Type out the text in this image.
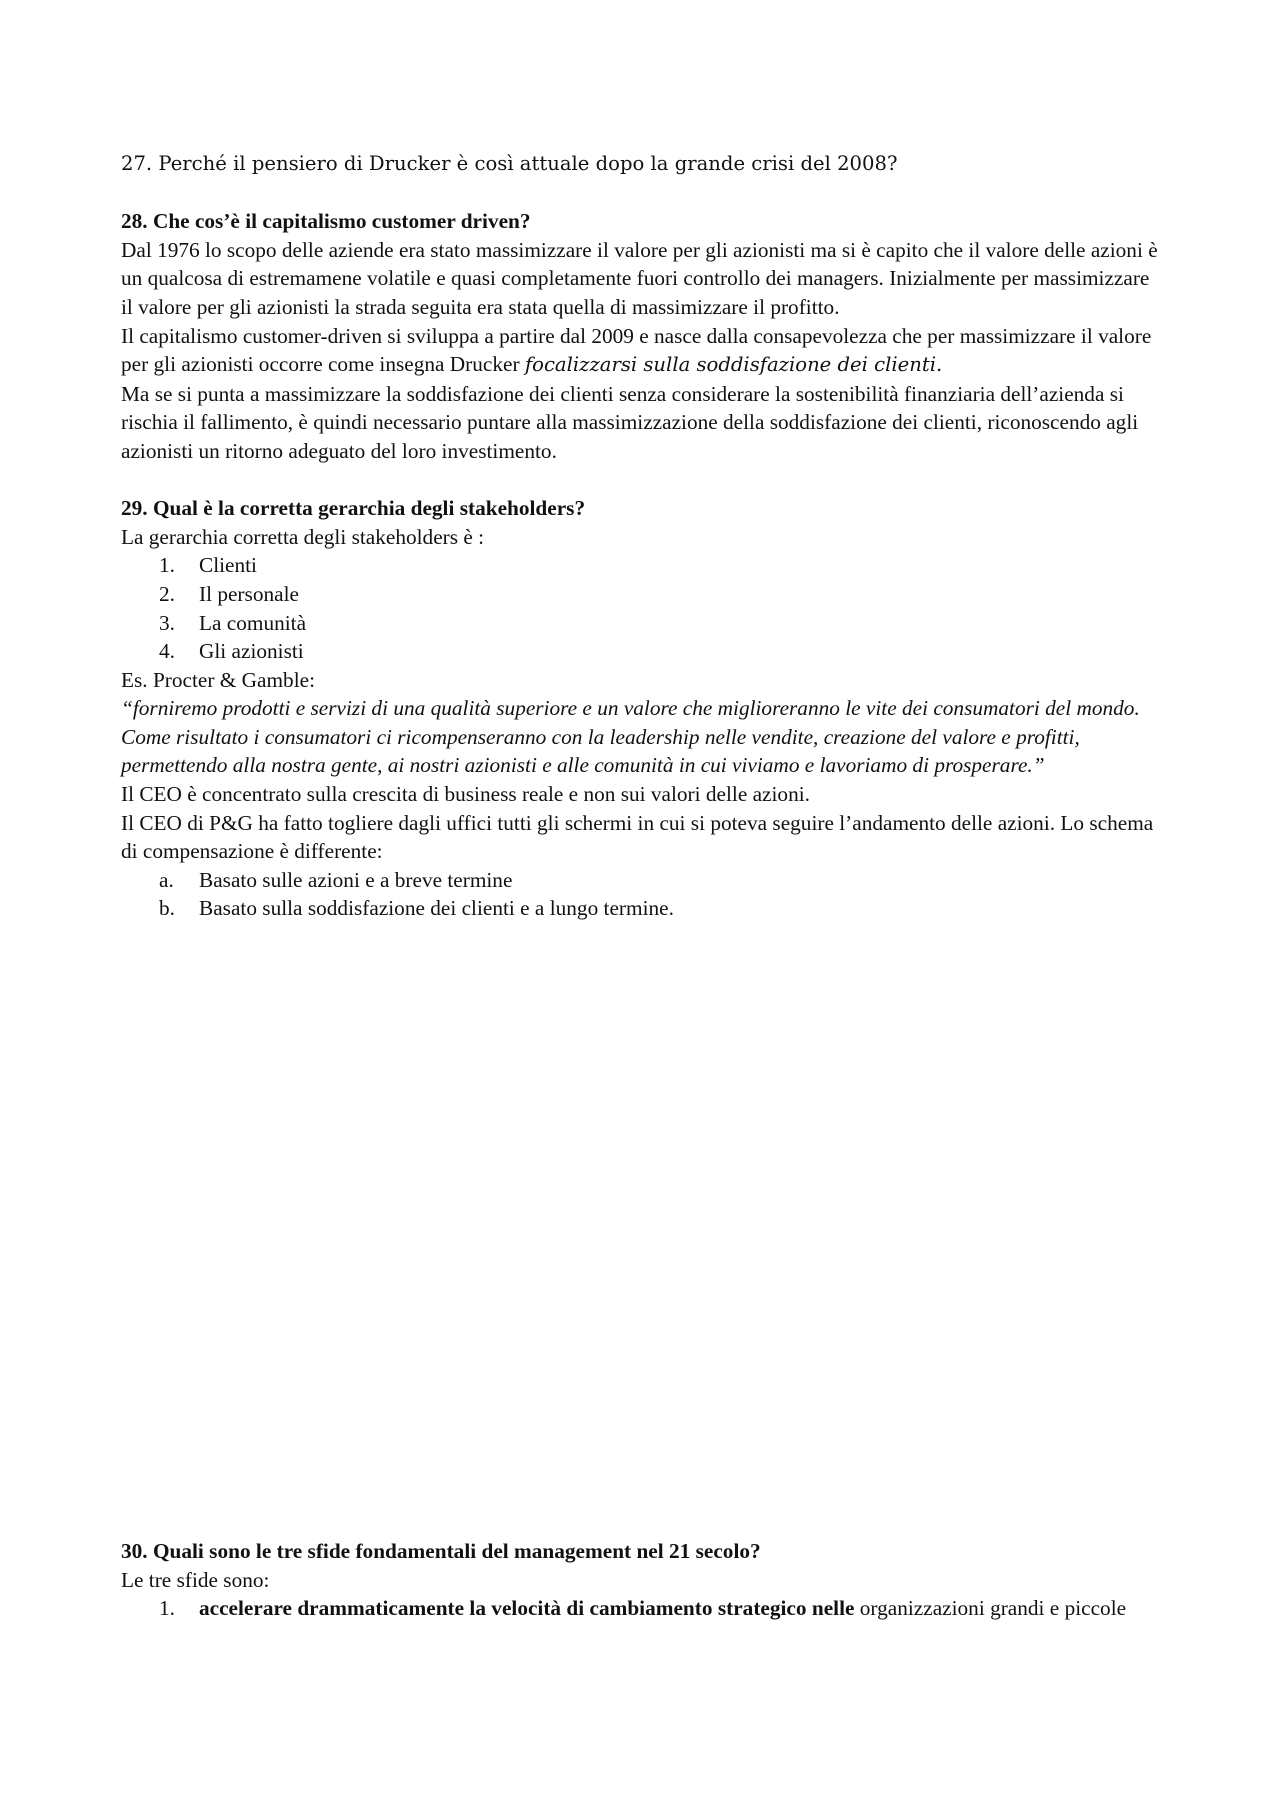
27. Perché il pensiero di Drucker è così attuale dopo la grande crisi del 2008?

28. Che cos’è il capitalismo customer driven?

Dal 1976 lo scopo delle aziende era stato massimizzare il valore per gli azionisti ma si è capito che il valore delle azioni è un qualcosa di estremamene volatile e quasi completamente fuori controllo dei managers. Inizialmente per massimizzare il valore per gli azionisti la strada seguita era stata quella di massimizzare il profitto.

Il capitalismo customer-driven si sviluppa a partire dal 2009 e nasce dalla consapevolezza che per massimizzare il valore per gli azionisti occorre come insegna Drucker focalizzarsi sulla soddisfazione dei clienti.

Ma se si punta a massimizzare la soddisfazione dei clienti senza considerare la sostenibilità finanziaria dell’azienda si rischia il fallimento, è quindi necessario puntare alla massimizzazione della soddisfazione dei clienti, riconoscendo agli azionisti un ritorno adeguato del loro investimento.

29. Qual è la corretta gerarchia degli stakeholders?

La gerarchia corretta degli stakeholders è :

1. Clienti
2. Il personale
3. La comunità
4. Gli azionisti

Es. Procter & Gamble:

“forniremo prodotti e servizi di una qualità superiore e un valore che miglioreranno le vite dei consumatori del mondo. Come risultato i consumatori ci ricompenseranno con la leadership nelle vendite, creazione del valore e profitti, permettendo alla nostra gente, ai nostri azionisti e alle comunità in cui viviamo e lavoriamo di prosperare.”

Il CEO è concentrato sulla crescita di business reale e non sui valori delle azioni.

Il CEO di P&G ha fatto togliere dagli uffici tutti gli schermi in cui si poteva seguire l’andamento delle azioni. Lo schema di compensazione è differente:

a. Basato sulle azioni e a breve termine
b. Basato sulla soddisfazione dei clienti e a lungo termine.

30. Quali sono le tre sfide fondamentali del management nel 21 secolo?

Le tre sfide sono:

1. accelerare drammaticamente la velocità di cambiamento strategico nelle organizzazioni grandi e piccole
